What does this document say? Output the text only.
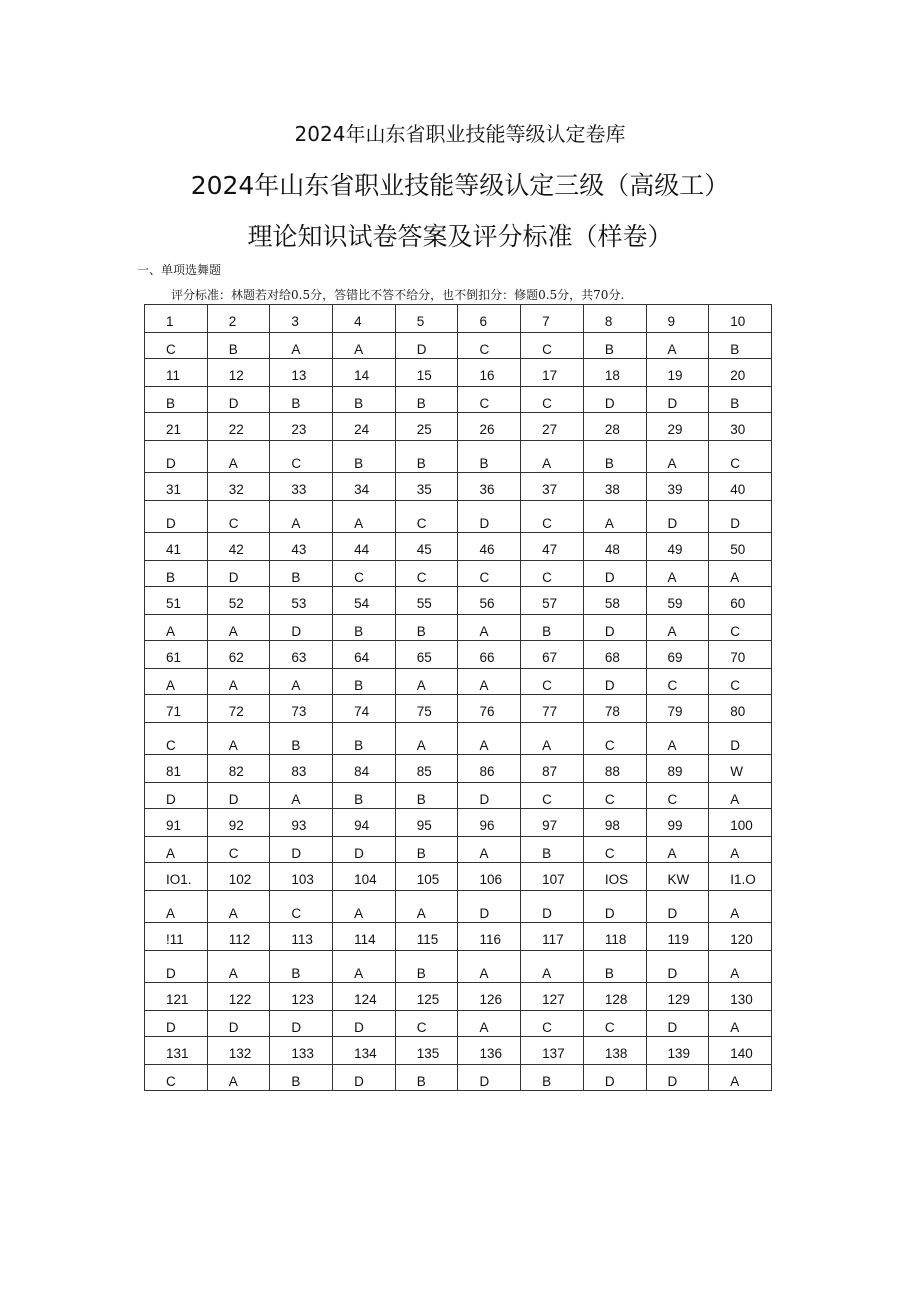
2024年山东省职业技能等级认定卷库
2024年山东省职业技能等级认定三级（高级工）
理论知识试卷答案及评分标准（样卷）
一、单项选舞题
评分标准：林题若对给0.5分，答错比不答不给分，也不倒扣分：修题0.5分，共70分.
1	2	3	4	5	6	7	8	9	10
C	B	A	A	D	C	C	B	A	B
11	12	13	14	15	16	17	18	19	20
B	D	B	B	B	C	C	D	D	B
21	22	23	24	25	26	27	28	29	30
D	A	C	B	B	B	A	B	A	C
31	32	33	34	35	36	37	38	39	40
D	C	A	A	C	D	C	A	D	D
41	42	43	44	45	46	47	48	49	50
B	D	B	C	C	C	C	D	A	A
51	52	53	54	55	56	57	58	59	60
A	A	D	B	B	A	B	D	A	C
61	62	63	64	65	66	67	68	69	70
A	A	A	B	A	A	C	D	C	C
71	72	73	74	75	76	77	78	79	80
C	A	B	B	A	A	A	C	A	D
81	82	83	84	85	86	87	88	89	W
D	D	A	B	B	D	C	C	C	A
91	92	93	94	95	96	97	98	99	100
A	C	D	D	B	A	B	C	A	A
IO1.	102	103	104	105	106	107	IOS	KW	I1.O
A	A	C	A	A	D	D	D	D	A
!11	112	113	114	115	116	117	118	119	120
D	A	B	A	B	A	A	B	D	A
121	122	123	124	125	126	127	128	129	130
D	D	D	D	C	A	C	C	D	A
131	132	133	134	135	136	137	138	139	140
C	A	B	D	B	D	B	D	D	A
